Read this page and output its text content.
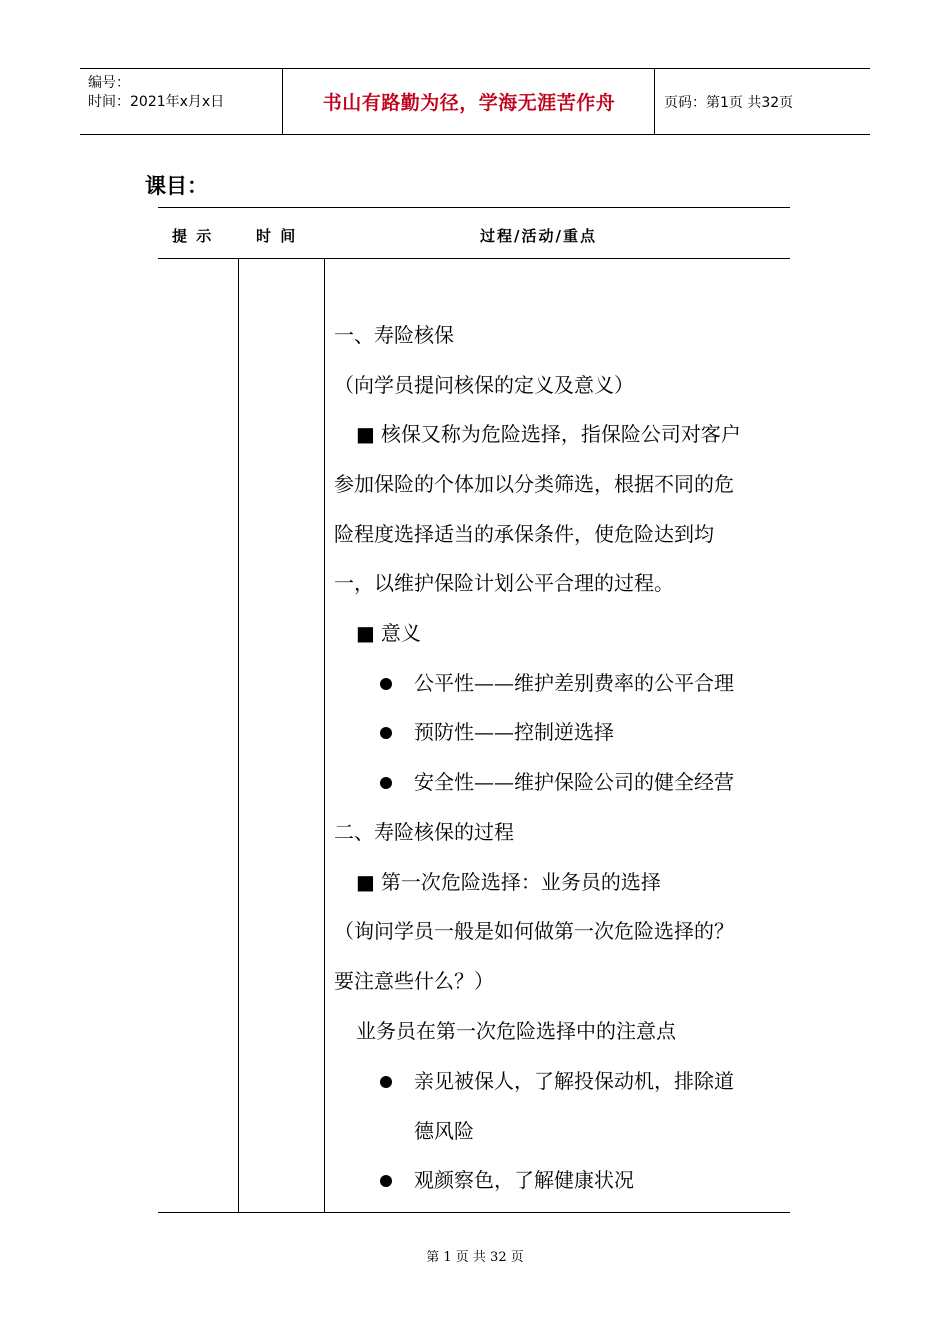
编号：
时间：2021年x月x日	书山有路勤为径，学海无涯苦作舟	页码：第1页 共32页
课目：
提 示	时 间	过程/活动/重点
一、寿险核保
（向学员提问核保的定义及意义）
■ 核保又称为危险选择，指保险公司对客户
参加保险的个体加以分类筛选，根据不同的危
险程度选择适当的承保条件，使危险达到均
一，以维护保险计划公平合理的过程。
■ 意义
公平性——维护差别费率的公平合理
预防性——控制逆选择
安全性——维护保险公司的健全经营
二、寿险核保的过程
■ 第一次危险选择：业务员的选择
（询问学员一般是如何做第一次危险选择的？
要注意些什么？）
业务员在第一次危险选择中的注意点
亲见被保人，了解投保动机，排除道
德风险
观颜察色，了解健康状况
第 1 页 共 32 页
